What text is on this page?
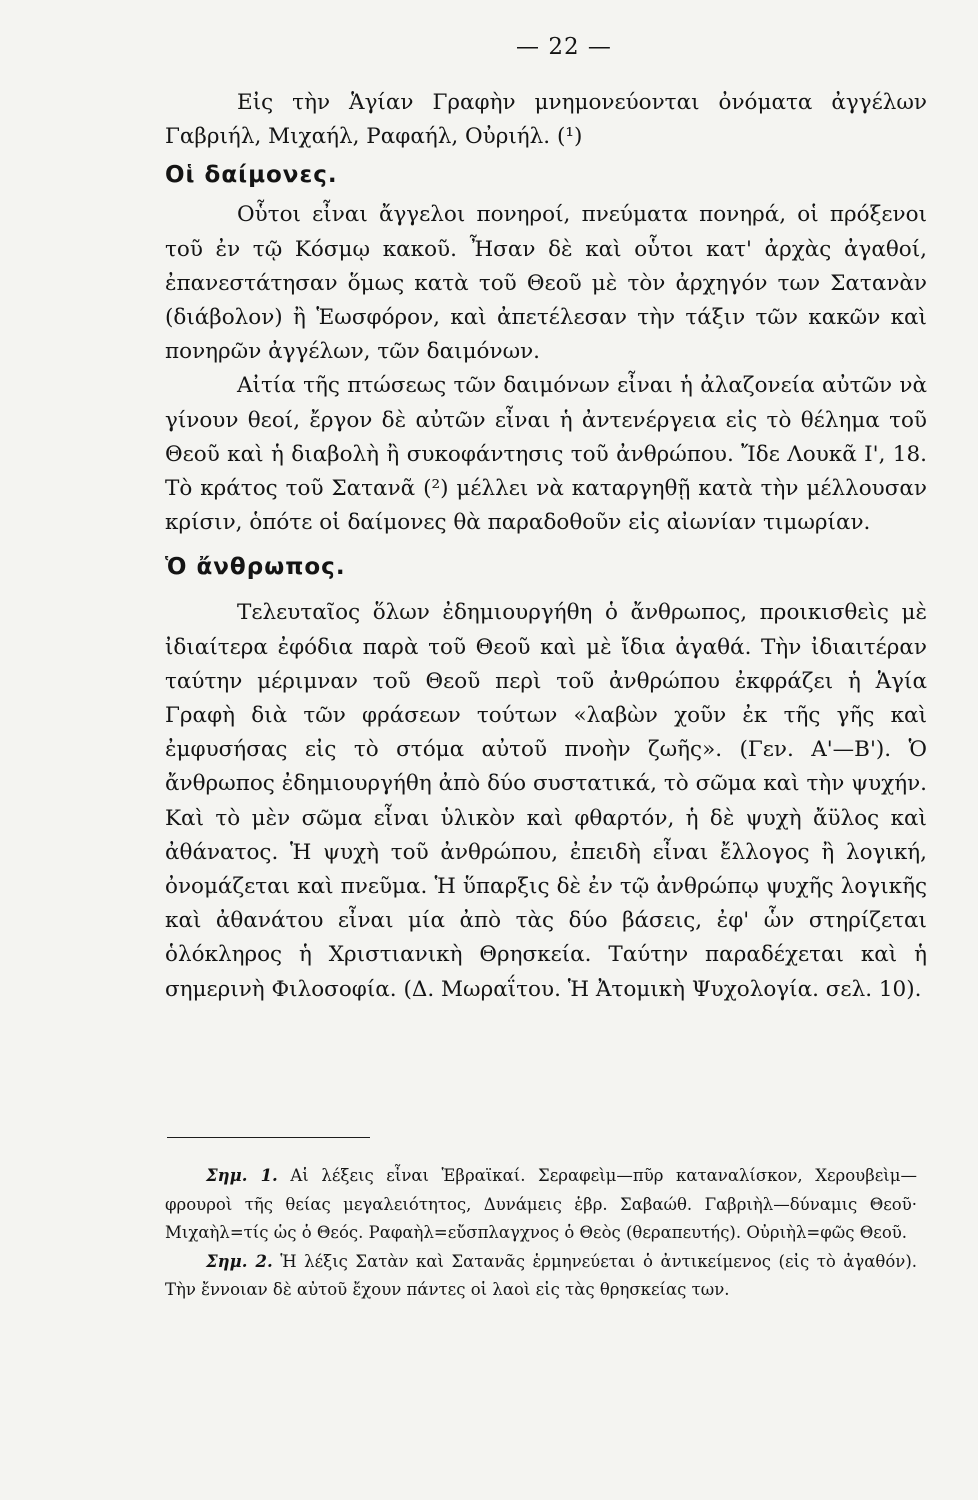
— 22 —

Εἰς τὴν Ἁγίαν Γραφὴν μνημονεύονται ὀνόματα ἀγγέλων Γαβριήλ, Μιχαήλ, Ραφαήλ, Οὐριήλ. (¹)

Οἱ δαίμονες.

Οὗτοι εἶναι ἄγγελοι πονηροί, πνεύματα πονηρά, οἱ πρόξενοι τοῦ ἐν τῷ Κόσμῳ κακοῦ. Ἦσαν δὲ καὶ οὗτοι κατ' ἀρχὰς ἀγαθοί, ἐπανεστάτησαν ὅμως κατὰ τοῦ Θεοῦ μὲ τὸν ἀρχηγόν των Σατανὰν (διάβολον) ἢ Ἑωσφόρον, καὶ ἀπετέλεσαν τὴν τάξιν τῶν κακῶν καὶ πονηρῶν ἀγγέλων, τῶν δαιμόνων.

Αἰτία τῆς πτώσεως τῶν δαιμόνων εἶναι ἡ ἀλαζονεία αὐτῶν νὰ γίνουν θεοί, ἔργον δὲ αὐτῶν εἶναι ἡ ἀντενέργεια εἰς τὸ θέλημα τοῦ Θεοῦ καὶ ἡ διαβολὴ ἢ συκοφάντησις τοῦ ἀνθρώπου. Ἴδε Λουκᾶ Ι', 18. Τὸ κράτος τοῦ Σατανᾶ (²) μέλλει νὰ καταργηθῇ κατὰ τὴν μέλλουσαν κρίσιν, ὁπότε οἱ δαίμονες θὰ παραδοθοῦν εἰς αἰωνίαν τιμωρίαν.

Ὁ ἄνθρωπος.

Τελευταῖος ὅλων ἐδημιουργήθη ὁ ἄνθρωπος, προικισθεὶς μὲ ἰδιαίτερα ἐφόδια παρὰ τοῦ Θεοῦ καὶ μὲ ἴδια ἀγαθά. Τὴν ἰδιαιτέραν ταύτην μέριμναν τοῦ Θεοῦ περὶ τοῦ ἀνθρώπου ἐκφράζει ἡ Ἁγία Γραφὴ διὰ τῶν φράσεων τούτων «λαβὼν χοῦν ἐκ τῆς γῆς καὶ ἐμφυσήσας εἰς τὸ στόμα αὐτοῦ πνοὴν ζωῆς». (Γεν. Α'—Β'). Ὁ ἄνθρωπος ἐδημιουργήθη ἀπὸ δύο συστατικά, τὸ σῶμα καὶ τὴν ψυχήν. Καὶ τὸ μὲν σῶμα εἶναι ὑλικὸν καὶ φθαρτόν, ἡ δὲ ψυχὴ ἄϋλος καὶ ἀθάνατος. Ἡ ψυχὴ τοῦ ἀνθρώπου, ἐπειδὴ εἶναι ἔλλογος ἢ λογική, ὀνομάζεται καὶ πνεῦμα. Ἡ ὕπαρξις δὲ ἐν τῷ ἀνθρώπῳ ψυχῆς λογικῆς καὶ ἀθανάτου εἶναι μία ἀπὸ τὰς δύο βάσεις, ἐφ' ὧν στηρίζεται ὁλόκληρος ἡ Χριστιανικὴ Θρησκεία. Ταύτην παραδέχεται καὶ ἡ σημερινὴ Φιλοσοφία. (Δ. Μωραΐτου. Ἡ Ἀτομικὴ Ψυχολογία. σελ. 10).

Σημ. 1. Αἱ λέξεις εἶναι Ἑβραϊκαί. Σεραφεὶμ—πῦρ καταναλίσκον, Χερουβεὶμ—φρουροὶ τῆς θείας μεγαλειότητος, Δυνάμεις ἑβρ. Σαβαώθ. Γαβριὴλ—δύναμις Θεοῦ· Μιχαὴλ=τίς ὡς ὁ Θεός. Ραφαὴλ=εὔσπλαγχνος ὁ Θεὸς (θεραπευτής). Οὐριὴλ=φῶς Θεοῦ.

Σημ. 2. Ἡ λέξις Σατὰν καὶ Σατανᾶς ἑρμηνεύεται ὁ ἀντικείμενος (εἰς τὸ ἀγαθόν). Τὴν ἔννοιαν δὲ αὐτοῦ ἔχουν πάντες οἱ λαοὶ εἰς τὰς θρησκείας των.
